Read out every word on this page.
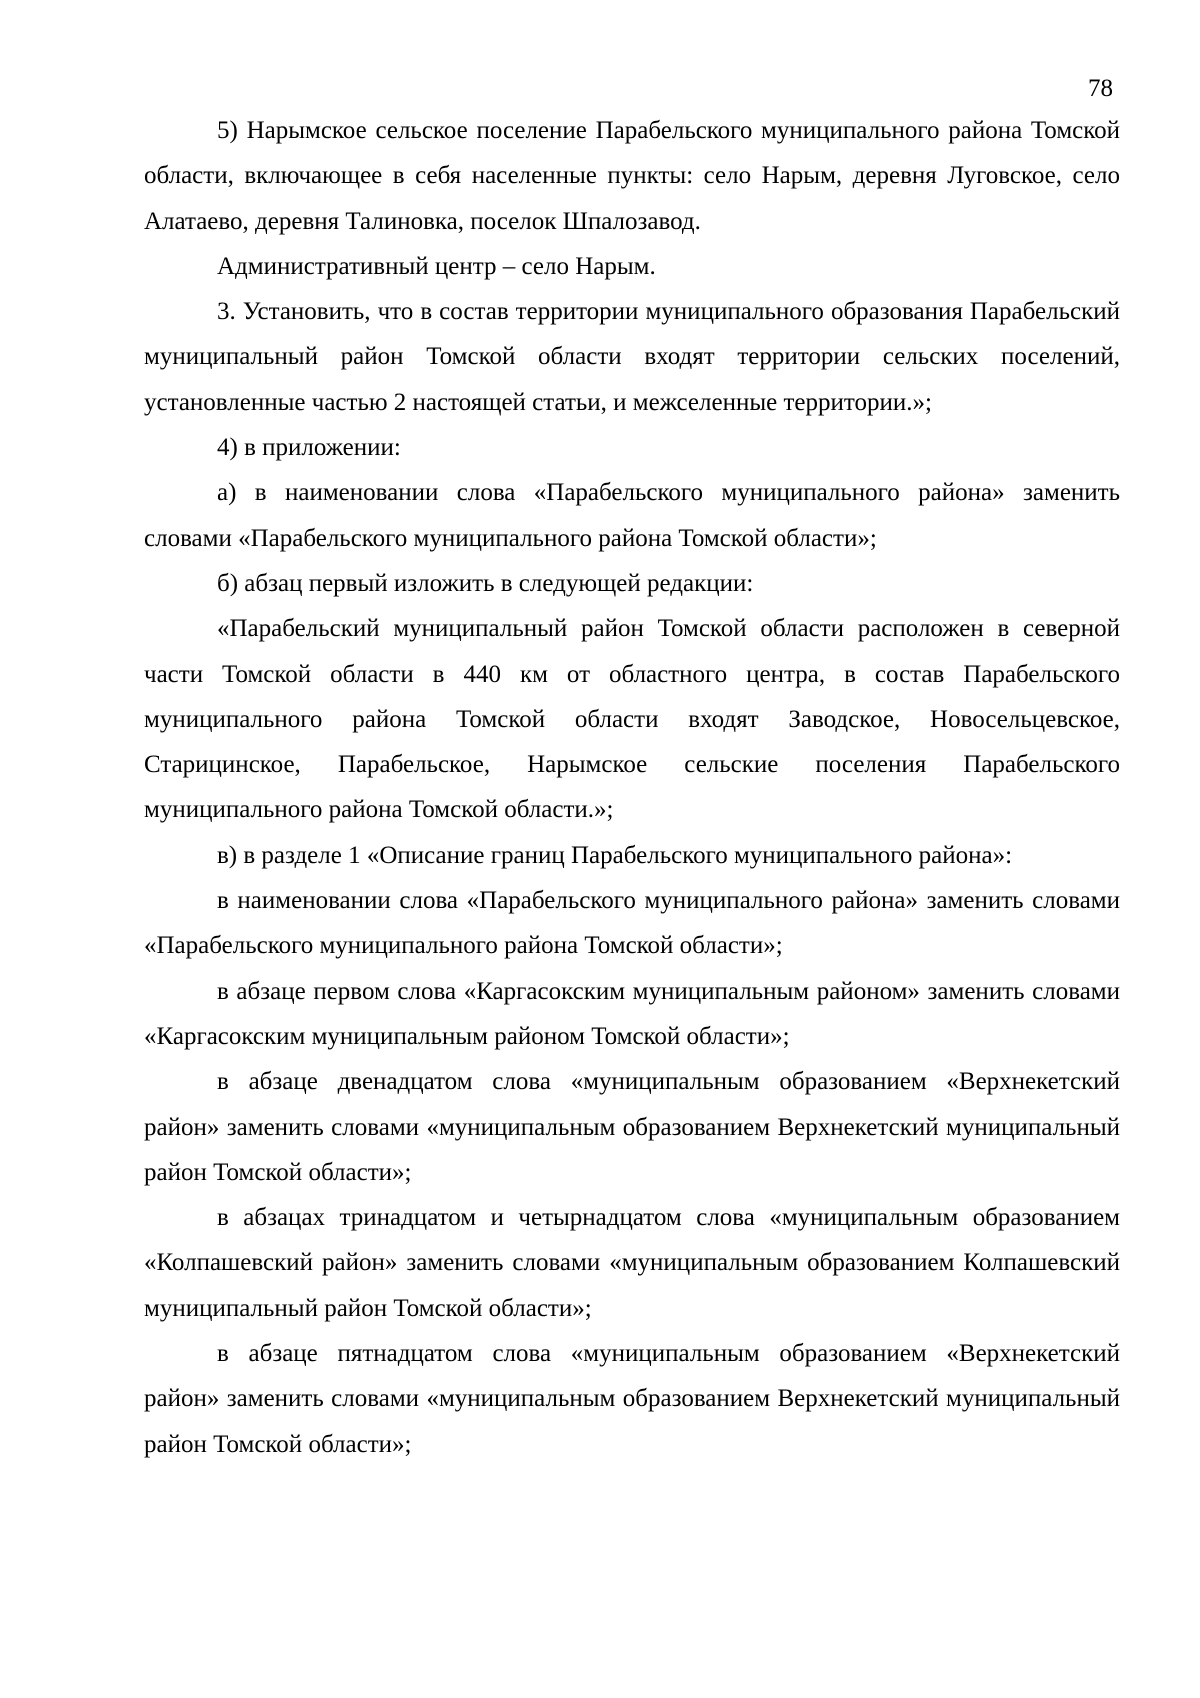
78

5) Нарымское сельское поселение Парабельского муниципального района Томской области, включающее в себя населенные пункты: село Нарым, деревня Луговское, село Алатаево, деревня Талиновка, поселок Шпалозавод.

Административный центр – село Нарым.

3. Установить, что в состав территории муниципального образования Парабельский муниципальный район Томской области входят территории сельских поселений, установленные частью 2 настоящей статьи, и межселенные территории.»;

4) в приложении:

а) в наименовании слова «Парабельского муниципального района» заменить словами «Парабельского муниципального района Томской области»;

б) абзац первый изложить в следующей редакции:

«Парабельский муниципальный район Томской области расположен в северной части Томской области в 440 км от областного центра, в состав Парабельского муниципального района Томской области входят Заводское, Новосельцевское, Старицинское, Парабельское, Нарымское сельские поселения Парабельского муниципального района Томской области.»;

в) в разделе 1 «Описание границ Парабельского муниципального района»:

в наименовании слова «Парабельского муниципального района» заменить словами «Парабельского муниципального района Томской области»;

в абзаце первом слова «Каргасокским муниципальным районом» заменить словами «Каргасокским муниципальным районом Томской области»;

в абзаце двенадцатом слова «муниципальным образованием «Верхнекетский район» заменить словами «муниципальным образованием Верхнекетский муниципальный район Томской области»;

в абзацах тринадцатом и четырнадцатом слова «муниципальным образованием «Колпашевский район» заменить словами «муниципальным образованием Колпашевский муниципальный район Томской области»;

в абзаце пятнадцатом слова «муниципальным образованием «Верхнекетский район» заменить словами «муниципальным образованием Верхнекетский муниципальный район Томской области»;
